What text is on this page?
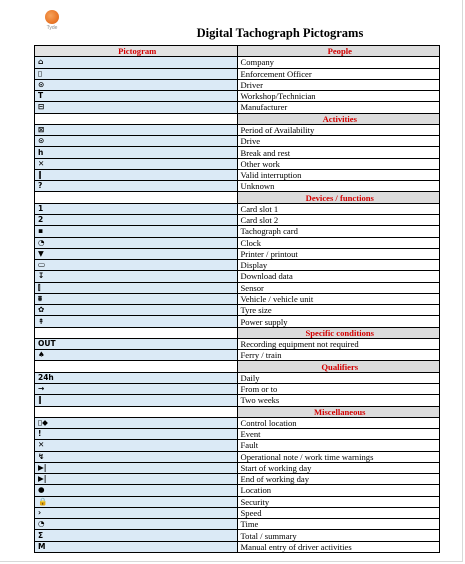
Tyde	Digital Tachograph Pictograms
Pictogram	People
⌂	Company
▯	Enforcement Officer
⊙	Driver
T	Workshop/Technician
⊟	Manufacturer
	Activities
⊠	Period of Availability
⊙	Drive
h	Break and rest
✕	Other work
‖	Valid interruption
?	Unknown
	Devices / functions
1	Card slot 1
2	Card slot 2
▪	Tachograph card
◔	Clock
▼	Printer / printout
▭	Display
↧	Download data
⫿	Sensor
⩩	Vehicle / vehicle unit
✿	Tyre size
↟	Power supply
	Specific conditions
OUT	Recording equipment not required
♠	Ferry / train
	Qualifiers
24h	Daily
→	From or to
‖	Two weeks
	Miscellaneous
▯◆	Control location
!	Event
✕	Fault
↯	Operational note / work time warnings
▶|	Start of working day
▶|	End of working day
●	Location
🔒	Security
›	Speed
◔	Time
Σ	Total / summary
M	Manual entry of driver activities
